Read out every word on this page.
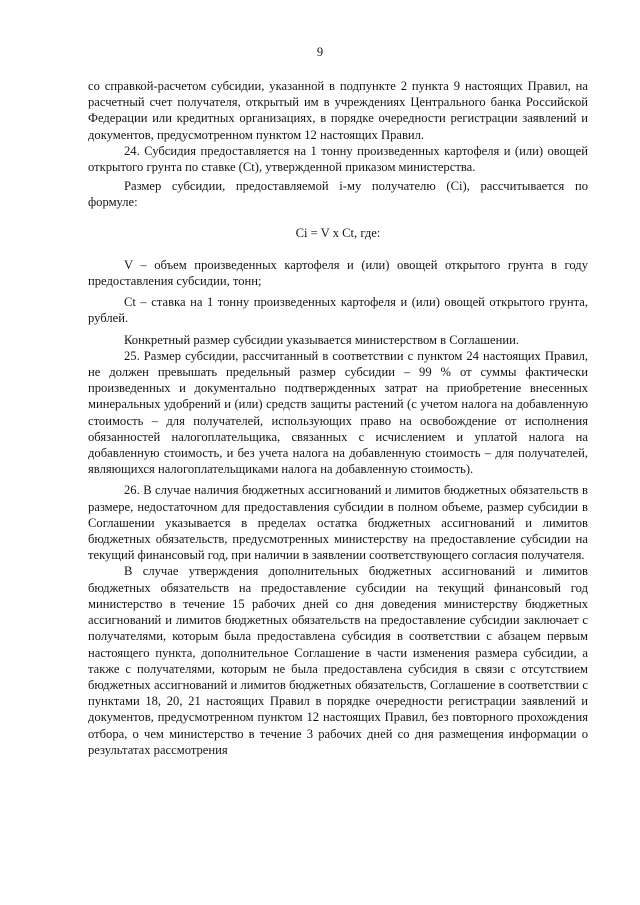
9

со справкой-расчетом субсидии, указанной в подпункте 2 пункта 9 настоящих Правил, на расчетный счет получателя, открытый им в учреждениях Центрального банка Российской Федерации или кредитных организациях, в порядке очередности регистрации заявлений и документов, предусмотренном пунктом 12 настоящих Правил.

24. Субсидия предоставляется на 1 тонну произведенных картофеля и (или) овощей открытого грунта по ставке (Ct), утвержденной приказом министерства.

Размер субсидии, предоставляемой i-му получателю (Ci), рассчитывается по формуле:

Ci = V x Ct, где:

V – объем произведенных картофеля и (или) овощей открытого грунта в году предоставления субсидии, тонн;

Ct – ставка на 1 тонну произведенных картофеля и (или) овощей открытого грунта, рублей.

Конкретный размер субсидии указывается министерством в Соглашении.

25. Размер субсидии, рассчитанный в соответствии с пунктом 24 настоящих Правил, не должен превышать предельный размер субсидии – 99 % от суммы фактически произведенных и документально подтвержденных затрат на приобретение внесенных минеральных удобрений и (или) средств защиты растений (с учетом налога на добавленную стоимость – для получателей, использующих право на освобождение от исполнения обязанностей налогоплательщика, связанных с исчислением и уплатой налога на добавленную стоимость, и без учета налога на добавленную стоимость – для получателей, являющихся налогоплательщиками налога на добавленную стоимость).

26. В случае наличия бюджетных ассигнований и лимитов бюджетных обязательств в размере, недостаточном для предоставления субсидии в полном объеме, размер субсидии в Соглашении указывается в пределах остатка бюджетных ассигнований и лимитов бюджетных обязательств, предусмотренных министерству на предоставление субсидии на текущий финансовый год, при наличии в заявлении соответствующего согласия получателя.

В случае утверждения дополнительных бюджетных ассигнований и лимитов бюджетных обязательств на предоставление субсидии на текущий финансовый год министерство в течение 15 рабочих дней со дня доведения министерству бюджетных ассигнований и лимитов бюджетных обязательств на предоставление субсидии заключает с получателями, которым была предоставлена субсидия в соответствии с абзацем первым настоящего пункта, дополнительное Соглашение в части изменения размера субсидии, а также с получателями, которым не была предоставлена субсидия в связи с отсутствием бюджетных ассигнований и лимитов бюджетных обязательств, Соглашение в соответствии с пунктами 18, 20, 21 настоящих Правил в порядке очередности регистрации заявлений и документов, предусмотренном пунктом 12 настоящих Правил, без повторного прохождения отбора, о чем министерство в течение 3 рабочих дней со дня размещения информации о результатах рассмотрения
